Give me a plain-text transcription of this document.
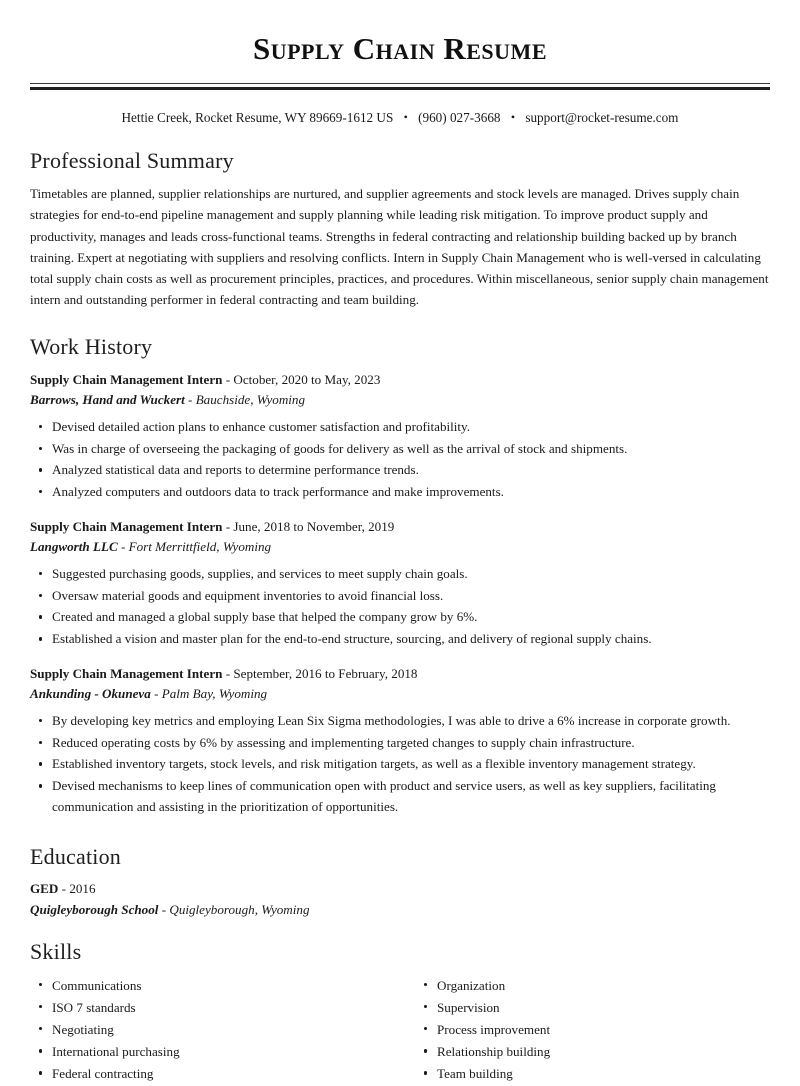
Supply Chain Resume
Hettie Creek, Rocket Resume, WY 89669-1612 US • (960) 027-3668 • support@rocket-resume.com
Professional Summary

Timetables are planned, supplier relationships are nurtured, and supplier agreements and stock levels are managed. Drives supply chain strategies for end-to-end pipeline management and supply planning while leading risk mitigation. To improve product supply and productivity, manages and leads cross-functional teams. Strengths in federal contracting and relationship building backed up by branch training. Expert at negotiating with suppliers and resolving conflicts. Intern in Supply Chain Management who is well-versed in calculating total supply chain costs as well as procurement principles, practices, and procedures. Within miscellaneous, senior supply chain management intern and outstanding performer in federal contracting and team building.

Work History
Supply Chain Management Intern - October, 2020 to May, 2023
Barrows, Hand and Wuckert - Bauchside, Wyoming
Devised detailed action plans to enhance customer satisfaction and profitability.
Was in charge of overseeing the packaging of goods for delivery as well as the arrival of stock and shipments.
Analyzed statistical data and reports to determine performance trends.
Analyzed computers and outdoors data to track performance and make improvements.
Supply Chain Management Intern - June, 2018 to November, 2019
Langworth LLC - Fort Merrittfield, Wyoming
Suggested purchasing goods, supplies, and services to meet supply chain goals.
Oversaw material goods and equipment inventories to avoid financial loss.
Created and managed a global supply base that helped the company grow by 6%.
Established a vision and master plan for the end-to-end structure, sourcing, and delivery of regional supply chains.
Supply Chain Management Intern - September, 2016 to February, 2018
Ankunding - Okuneva - Palm Bay, Wyoming
By developing key metrics and employing Lean Six Sigma methodologies, I was able to drive a 6% increase in corporate growth.
Reduced operating costs by 6% by assessing and implementing targeted changes to supply chain infrastructure.
Established inventory targets, stock levels, and risk mitigation targets, as well as a flexible inventory management strategy.
Devised mechanisms to keep lines of communication open with product and service users, as well as key suppliers, facilitating communication and assisting in the prioritization of opportunities.
Education
GED - 2016
Quigleyborough School - Quigleyborough, Wyoming
Skills
Communications
ISO 7 standards
Negotiating
International purchasing
Federal contracting
Organization
Supervision
Process improvement
Relationship building
Team building
